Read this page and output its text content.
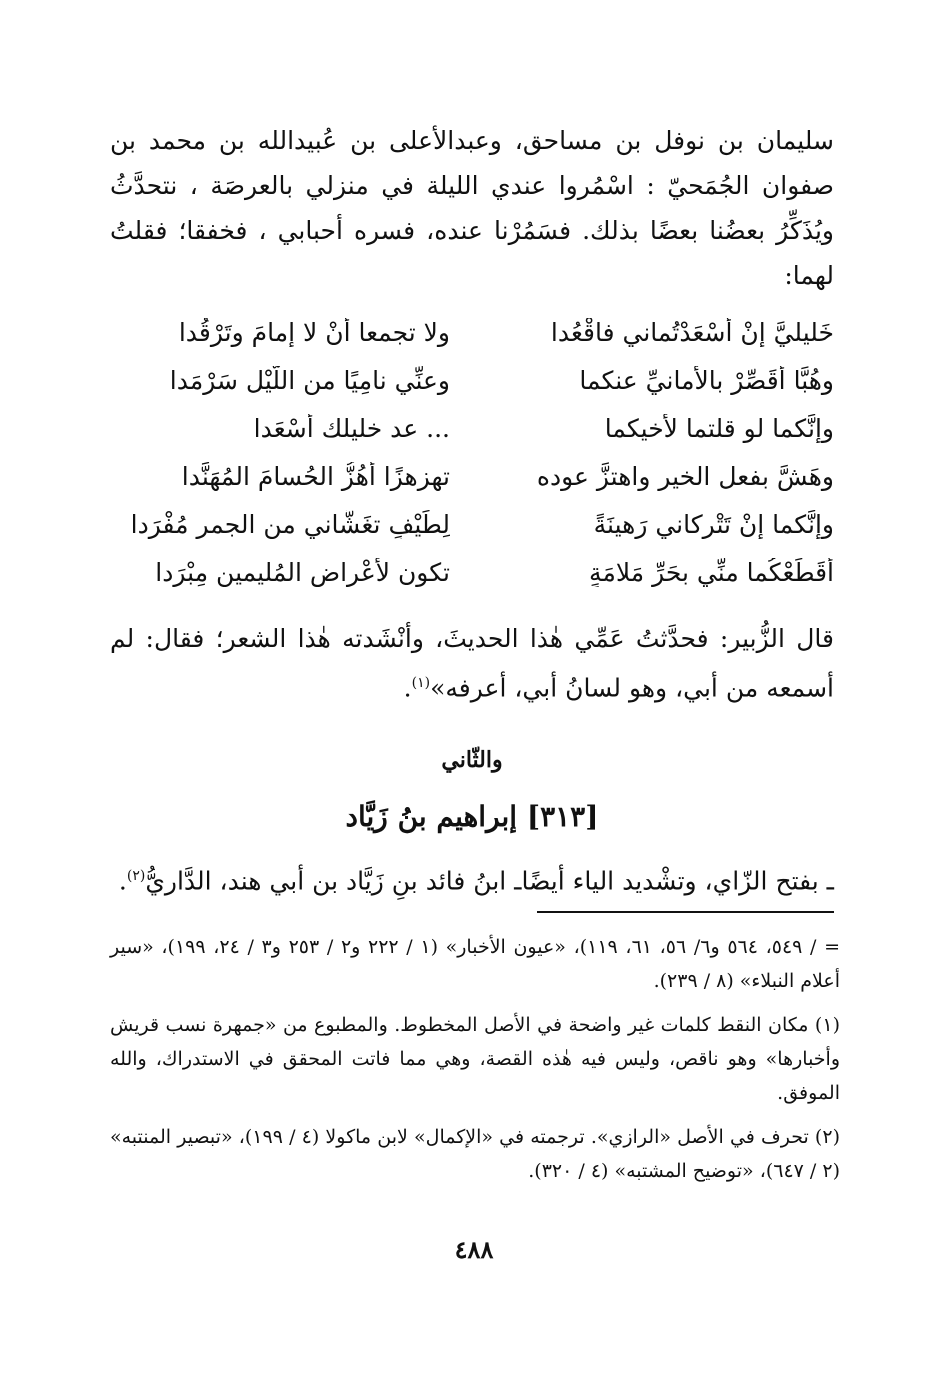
سليمان بن نوفل بن مساحق، وعبدالأعلى بن عُبيدالله بن محمد بن صفوان الجُمَحيّ : اسْمُروا عندي الليلة في منزلي بالعرصَة ، نتحدَّثُ ويُذَكِّرُ بعضُنا بعضًا بذلك. فسَمُرْنا عنده، فسره أحبابي ، فخفقا؛ فقلتُ لهما:

خَليليَّ إنْ أسْعَدْتُماني فاقْعُدا
ولا تجمعا أنْ لا إمامَ وتَرْقُدا
وهُبَّا أُقَصِّرْ بالأمانيِّ عنكما
وعنِّي نامِيًا من اللَّيْل سَرْمَدا
وإنَّكما لو قلتما لأخيكما
... عد خليلك أسْعَدا
وهَشَّ بفعل الخير واهتزَّ عوده
تهزهزًا أهُزُّ الحُسامَ المُهَنَّدا
وإنَّكما إنْ تَتْركاني رَهينَةً
لِطَيْفٍ تغَشَّاني من الجمر مُفْرَدا
أُقَطِّعْكُما منِّي بحَرِّ مَلامَةٍ
تكون لأعْراض المُليمين مِبْرَدا

قال الزُّبير: فحدَّثتُ عَمِّي هٰذا الحديثَ، وأنْشَدته هٰذا الشعر؛ فقال: لم أسمعه من أبي، وهو لسانُ أبي، أعرفه»$^{(١)}$.

والثّاني
[٣١٣] إبراهيم بنُ زَيَّاد

ـ بفتح الزّاي، وتشْديد الياء أيضًاـ ابنُ فائد بنِ زَيَّاد بن أبي هند، الدَّاريُّ$^{(٢)}$.

= / ٥٤٩، ٥٦٤ و٦/ ٥٦، ٦١، ١١٩)، «عيون الأخبار» (١ / ٢٢٢ و٢ / ٢٥٣ و٣ / ٢٤، ١٩٩)، «سير أعلام النبلاء» (٨ / ٢٣٩).

(١) مكان النقط كلمات غير واضحة في الأصل المخطوط. والمطبوع من «جمهرة نسب قريش وأخبارها» وهو ناقص، وليس فيه هٰذه القصة، وهي مما فاتت المحقق في الاستدراك، والله الموفق.

(٢) تحرف في الأصل «الرازي». ترجمته في «الإكمال» لابن ماكولا (٤ / ١٩٩)، «تبصير المنتبه» (٢ / ٦٤٧)، «توضيح المشتبه» (٤ / ٣٢٠).

٤٨٨
